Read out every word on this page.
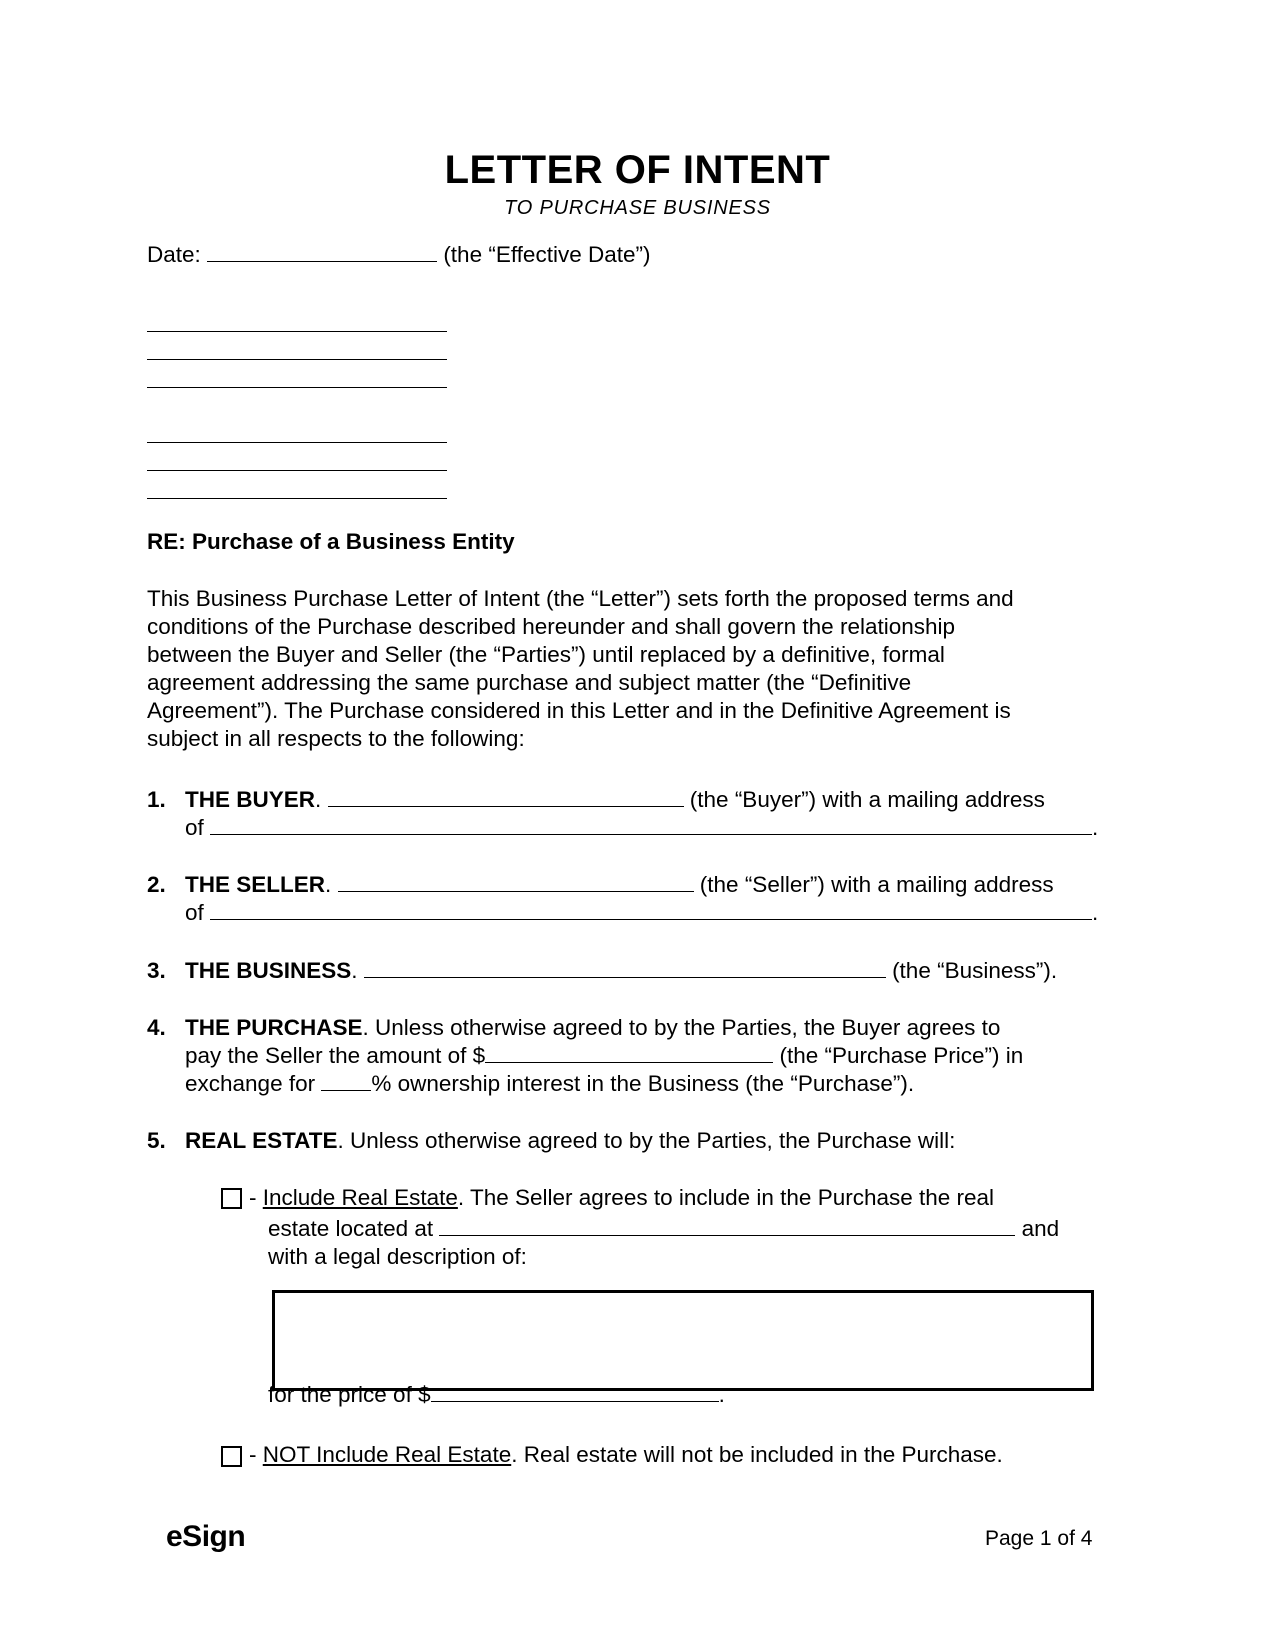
LETTER OF INTENT
TO PURCHASE BUSINESS
Date:	(the “Effective Date”)
RE: Purchase of a Business Entity
This Business Purchase Letter of Intent (the “Letter”) sets forth the proposed terms and
conditions of the Purchase described hereunder and shall govern the relationship
between the Buyer and Seller (the “Parties”) until replaced by a definitive, formal
agreement addressing the same purchase and subject matter (the “Definitive
Agreement”). The Purchase considered in this Letter and in the Definitive Agreement is
subject in all respects to the following:
1. THE BUYER.	(the “Buyer”) with a mailing address
of	.
2. THE SELLER.	(the “Seller”) with a mailing address
of	.
3. THE BUSINESS.	(the “Business”).
4. THE PURCHASE. Unless otherwise agreed to by the Parties, the Buyer agrees to
pay the Seller the amount of $	(the “Purchase Price”) in
exchange for	% ownership interest in the Business (the “Purchase”).
5. REAL ESTATE. Unless otherwise agreed to by the Parties, the Purchase will:
- Include Real Estate. The Seller agrees to include in the Purchase the real
estate located at	and
with a legal description of:
for the price of $	.
- NOT Include Real Estate. Real estate will not be included in the Purchase.
eSign	Page 1 of 4
